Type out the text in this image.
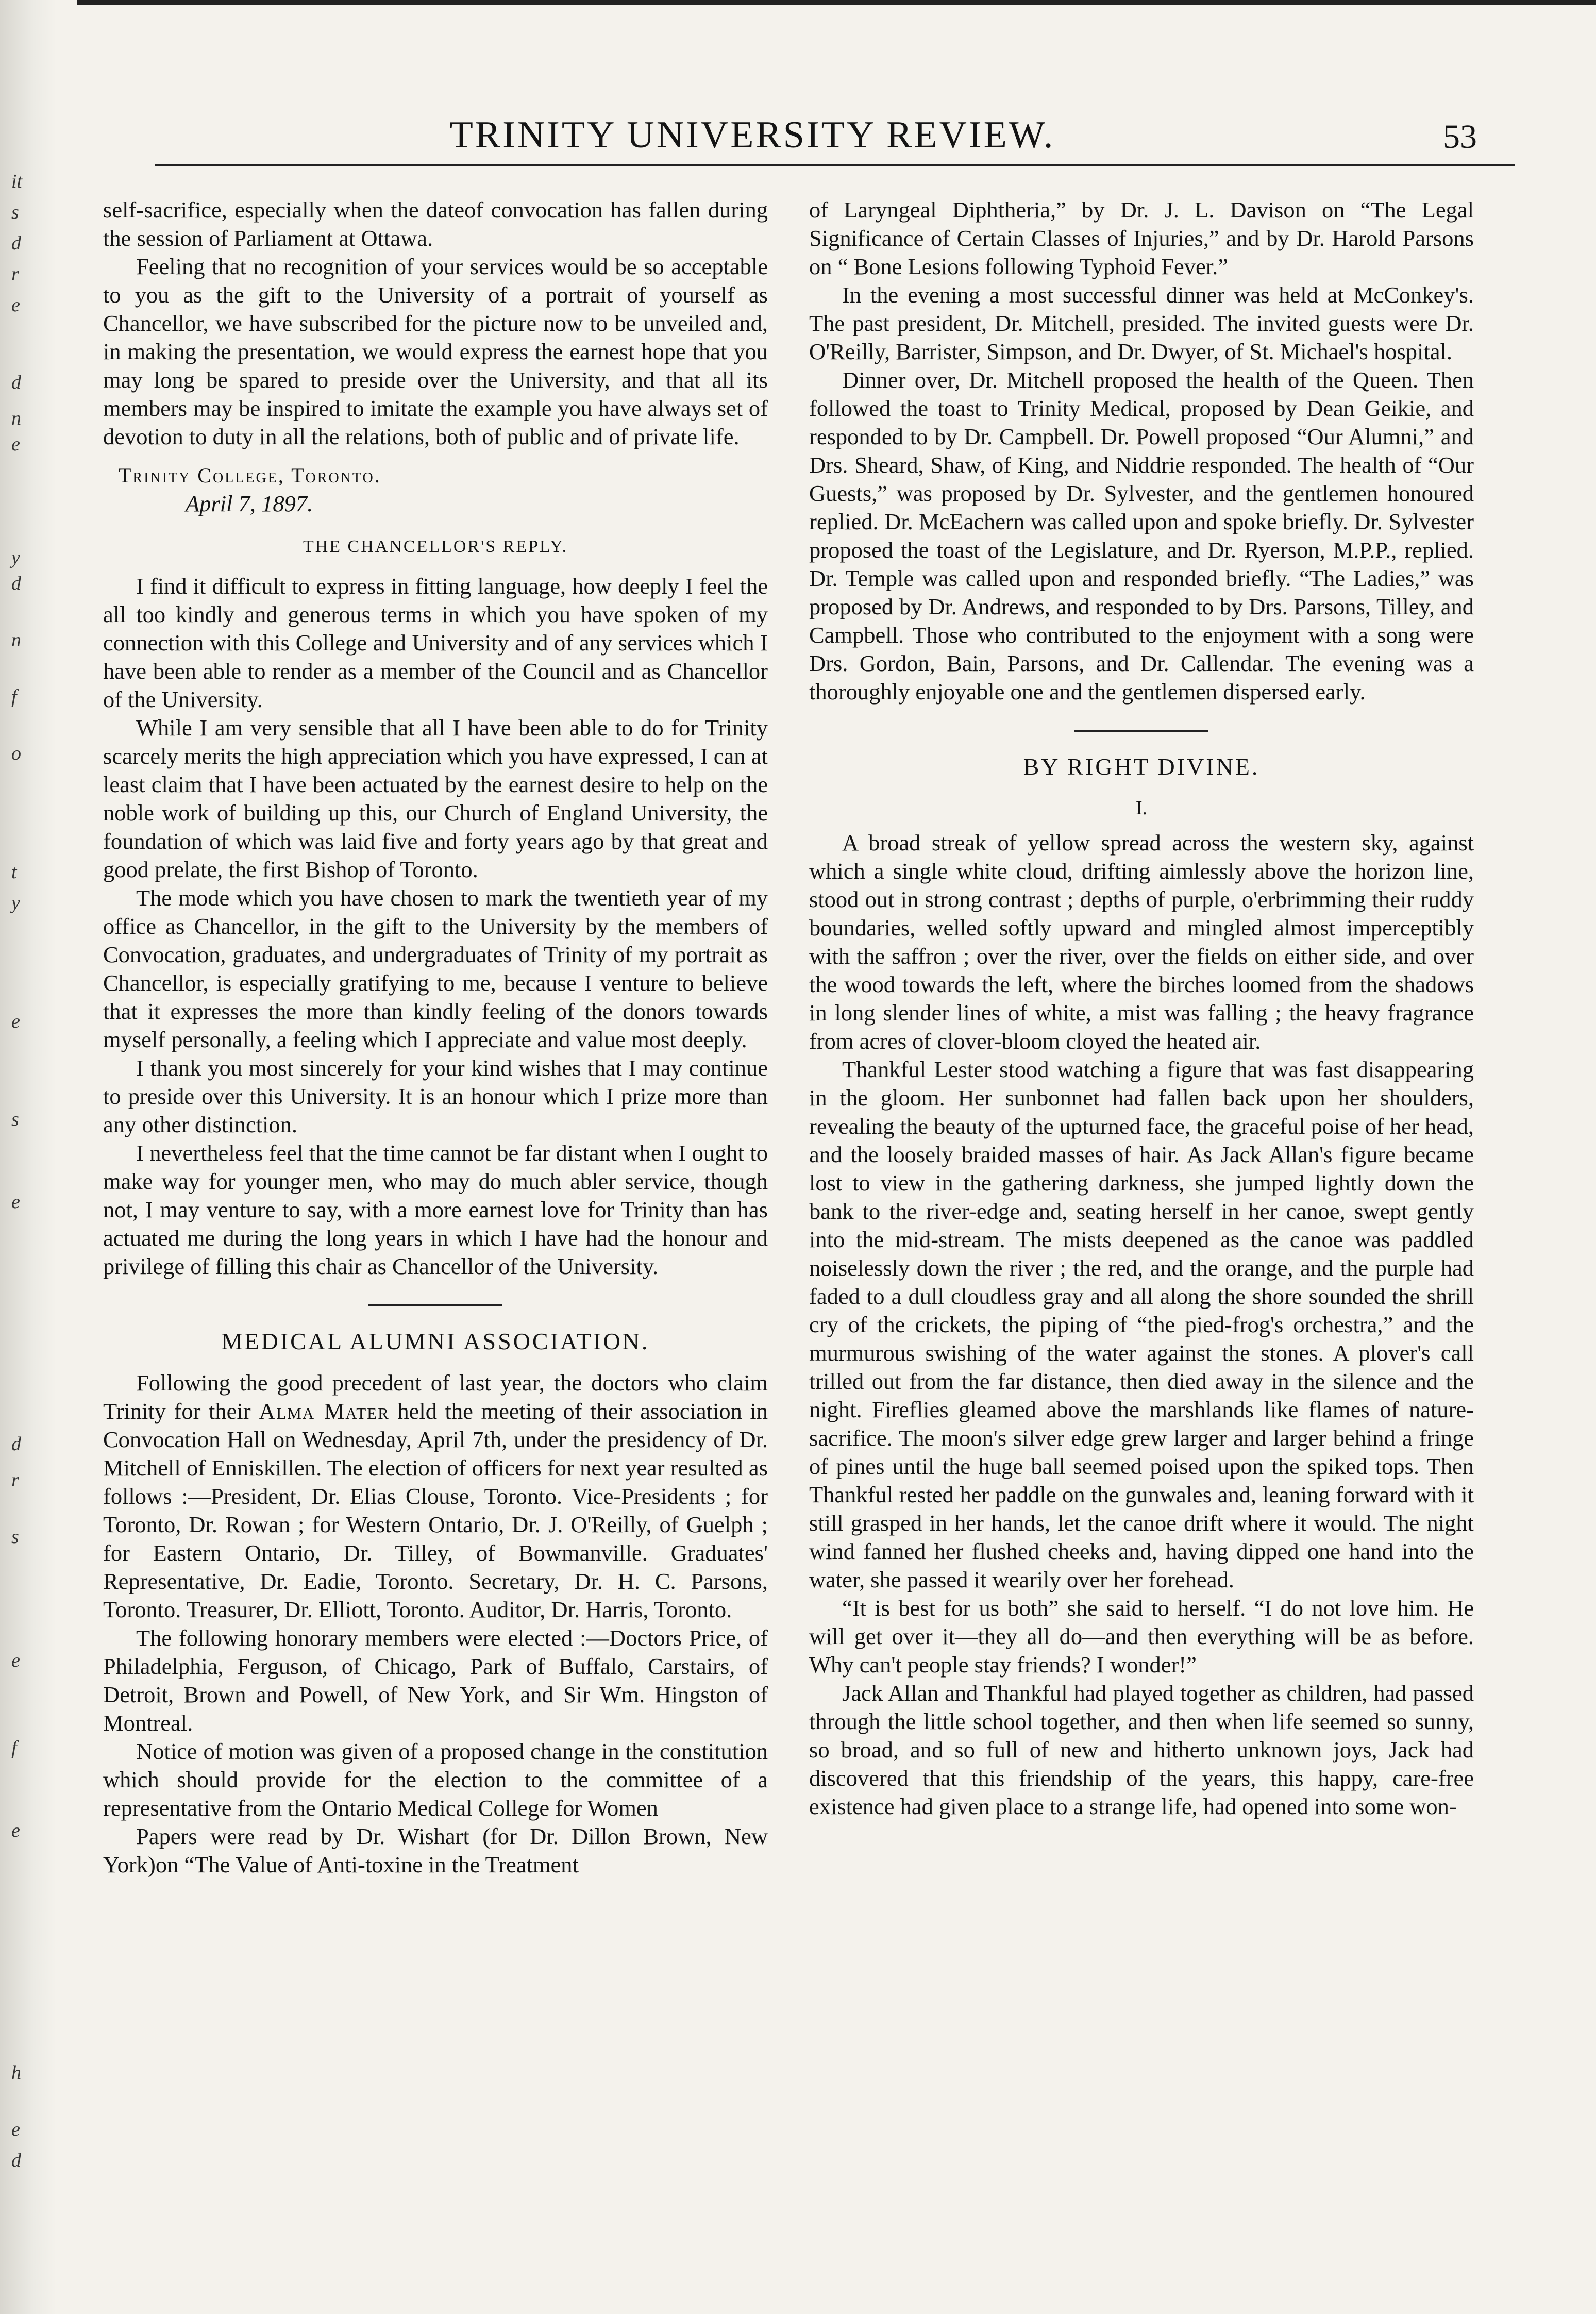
it
s
d
r
e
d
n
e
y
d
n
f
o
t
y
e
s
e
d
r
s
e
f
e
h
e
d
TRINITY UNIVERSITY REVIEW.	53

self-sacrifice, especially when the dateof convocation has fallen during the session of Parliament at Ottawa.

Feeling that no recognition of your services would be so acceptable to you as the gift to the University of a portrait of yourself as Chancellor, we have subscribed for the picture now to be unveiled and, in making the presentation, we would express the earnest hope that you may long be spared to preside over the University, and that all its members may be inspired to imitate the example you have always set of devotion to duty in all the relations, both of public and of private life.

Trinity College, Toronto.
April 7, 1897.
THE CHANCELLOR'S REPLY.

I find it difficult to express in fitting language, how deeply I feel the all too kindly and generous terms in which you have spoken of my connection with this College and University and of any services which I have been able to render as a member of the Council and as Chancellor of the University.

While I am very sensible that all I have been able to do for Trinity scarcely merits the high appreciation which you have expressed, I can at least claim that I have been actuated by the earnest desire to help on the noble work of building up this, our Church of England University, the foundation of which was laid five and forty years ago by that great and good prelate, the first Bishop of Toronto.

The mode which you have chosen to mark the twentieth year of my office as Chancellor, in the gift to the University by the members of Convocation, graduates, and undergraduates of Trinity of my portrait as Chancellor, is especially gratifying to me, because I venture to believe that it expresses the more than kindly feeling of the donors towards myself personally, a feeling which I appreciate and value most deeply.

I thank you most sincerely for your kind wishes that I may continue to preside over this University. It is an honour which I prize more than any other distinction.

I nevertheless feel that the time cannot be far distant when I ought to make way for younger men, who may do much abler service, though not, I may venture to say, with a more earnest love for Trinity than has actuated me during the long years in which I have had the honour and privilege of filling this chair as Chancellor of the University.

MEDICAL ALUMNI ASSOCIATION.

Following the good precedent of last year, the doctors who claim Trinity for their Alma Mater held the meeting of their association in Convocation Hall on Wednesday, April 7th, under the presidency of Dr. Mitchell of Enniskillen. The election of officers for next year resulted as follows :—President, Dr. Elias Clouse, Toronto. Vice-Presidents ; for Toronto, Dr. Rowan ; for Western Ontario, Dr. J. O'Reilly, of Guelph ; for Eastern Ontario, Dr. Tilley, of Bowmanville. Graduates' Representative, Dr. Eadie, Toronto. Secretary, Dr. H. C. Parsons, Toronto. Treasurer, Dr. Elliott, Toronto. Auditor, Dr. Harris, Toronto.

The following honorary members were elected :—Doctors Price, of Philadelphia, Ferguson, of Chicago, Park of Buffalo, Carstairs, of Detroit, Brown and Powell, of New York, and Sir Wm. Hingston of Montreal.

Notice of motion was given of a proposed change in the constitution which should provide for the election to the committee of a representative from the Ontario Medical College for Women

Papers were read by Dr. Wishart (for Dr. Dillon Brown, New York)on “The Value of Anti-toxine in the Treatment

of Laryngeal Diphtheria,” by Dr. J. L. Davison on “The Legal Significance of Certain Classes of Injuries,” and by Dr. Harold Parsons on “ Bone Lesions following Typhoid Fever.”

In the evening a most successful dinner was held at McConkey's. The past president, Dr. Mitchell, presided. The invited guests were Dr. O'Reilly, Barrister, Simpson, and Dr. Dwyer, of St. Michael's hospital.

Dinner over, Dr. Mitchell proposed the health of the Queen. Then followed the toast to Trinity Medical, proposed by Dean Geikie, and responded to by Dr. Campbell. Dr. Powell proposed “Our Alumni,” and Drs. Sheard, Shaw, of King, and Niddrie responded. The health of “Our Guests,” was proposed by Dr. Sylvester, and the gentlemen honoured replied. Dr. McEachern was called upon and spoke briefly. Dr. Sylvester proposed the toast of the Legislature, and Dr. Ryerson, M.P.P., replied. Dr. Temple was called upon and responded briefly. “The Ladies,” was proposed by Dr. Andrews, and responded to by Drs. Parsons, Tilley, and Campbell. Those who contributed to the enjoyment with a song were Drs. Gordon, Bain, Parsons, and Dr. Callendar. The evening was a thoroughly enjoyable one and the gentlemen dispersed early.

BY RIGHT DIVINE.
I.

A broad streak of yellow spread across the western sky, against which a single white cloud, drifting aimlessly above the horizon line, stood out in strong contrast ; depths of purple, o'erbrimming their ruddy boundaries, welled softly upward and mingled almost imperceptibly with the saffron ; over the river, over the fields on either side, and over the wood towards the left, where the birches loomed from the shadows in long slender lines of white, a mist was falling ; the heavy fragrance from acres of clover-bloom cloyed the heated air.

Thankful Lester stood watching a figure that was fast disappearing in the gloom. Her sunbonnet had fallen back upon her shoulders, revealing the beauty of the upturned face, the graceful poise of her head, and the loosely braided masses of hair. As Jack Allan's figure became lost to view in the gathering darkness, she jumped lightly down the bank to the river-edge and, seating herself in her canoe, swept gently into the mid-stream. The mists deepened as the canoe was paddled noiselessly down the river ; the red, and the orange, and the purple had faded to a dull cloudless gray and all along the shore sounded the shrill cry of the crickets, the piping of “the pied-frog's orchestra,” and the murmurous swishing of the water against the stones. A plover's call trilled out from the far distance, then died away in the silence and the night. Fireflies gleamed above the marshlands like flames of nature-sacrifice. The moon's silver edge grew larger and larger behind a fringe of pines until the huge ball seemed poised upon the spiked tops. Then Thankful rested her paddle on the gunwales and, leaning forward with it still grasped in her hands, let the canoe drift where it would. The night wind fanned her flushed cheeks and, having dipped one hand into the water, she passed it wearily over her forehead.

“It is best for us both” she said to herself. “I do not love him. He will get over it—they all do—and then everything will be as before. Why can't people stay friends? I wonder!”

Jack Allan and Thankful had played together as children, had passed through the little school together, and then when life seemed so sunny, so broad, and so full of new and hitherto unknown joys, Jack had discovered that this friendship of the years, this happy, care-free existence had given place to a strange life, had opened into some won-
